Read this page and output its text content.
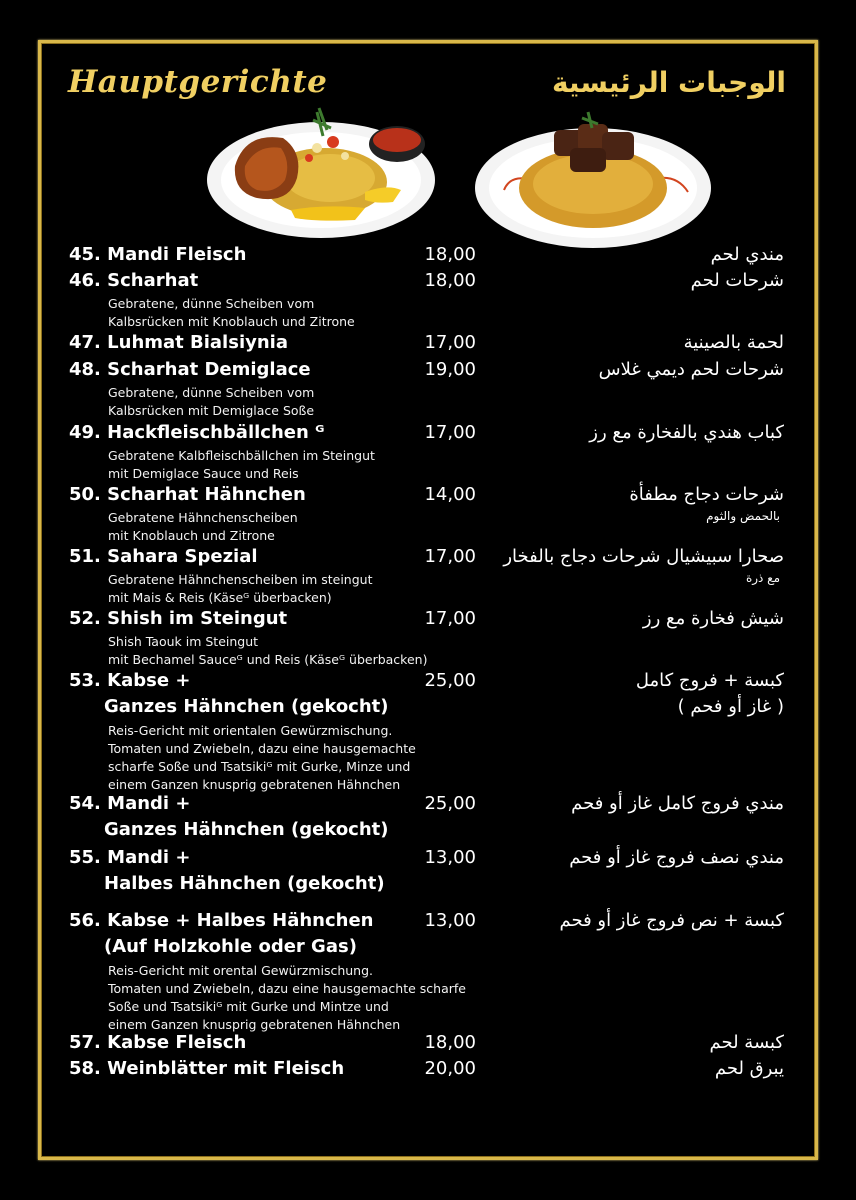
Hauptgerichte	الوجبات الرئيسية
45. Mandi Fleisch	18,00	مندي لحم
46. Scharhat	18,00	شرحات لحم
Gebratene, dünne Scheiben vom
Kalbsrücken mit Knoblauch und Zitrone
47. Luhmat Bialsiynia	17,00	لحمة بالصينية
48. Scharhat Demiglace	19,00	شرحات لحم ديمي غلاس
Gebratene, dünne Scheiben vom
Kalbsrücken mit Demiglace Soße
49. Hackfleischbällchen ᴳ	17,00	كباب هندي بالفخارة مع رز
Gebratene Kalbfleischbällchen im Steingut
mit Demiglace Sauce und Reis
50. Scharhat Hähnchen	14,00	شرحات دجاج مطفأة
بالحمض والثوم
Gebratene Hähnchenscheiben
mit Knoblauch und Zitrone
51. Sahara Spezial	17,00 صحارا سبيشيال شرحات دجاج بالفخار
مع ذرة
Gebratene Hähnchenscheiben im steingut
mit Mais & Reis (Käseᴳ überbacken)
52. Shish im Steingut	17,00	شيش فخارة مع رز
Shish Taouk im Steingut
mit Bechamel Sauceᴳ und Reis (Käseᴳ überbacken)
53. Kabse +	25,00	كبسة + فروج كامل
Ganzes Hähnchen (gekocht)	( غاز أو فحم )
Reis-Gericht mit orientalen Gewürzmischung.
Tomaten und Zwiebeln, dazu eine hausgemachte
scharfe Soße und Tsatsikiᴳ mit Gurke, Minze und
einem Ganzen knusprig gebratenen Hähnchen
54. Mandi +	25,00	مندي فروج كامل غاز أو فحم
Ganzes Hähnchen (gekocht)
55. Mandi +	13,00	مندي نصف فروج غاز أو فحم
Halbes Hähnchen (gekocht)
56. Kabse + Halbes Hähnchen	13,00	كبسة + نص فروج غاز أو فحم
(Auf Holzkohle oder Gas)
Reis-Gericht mit orental Gewürzmischung.
Tomaten und Zwiebeln, dazu eine hausgemachte scharfe
Soße und Tsatsikiᴳ mit Gurke und Mintze und
einem Ganzen knusprig gebratenen Hähnchen
57. Kabse Fleisch	18,00	كبسة لحم
58. Weinblätter mit Fleisch	20,00	يبرق لحم
